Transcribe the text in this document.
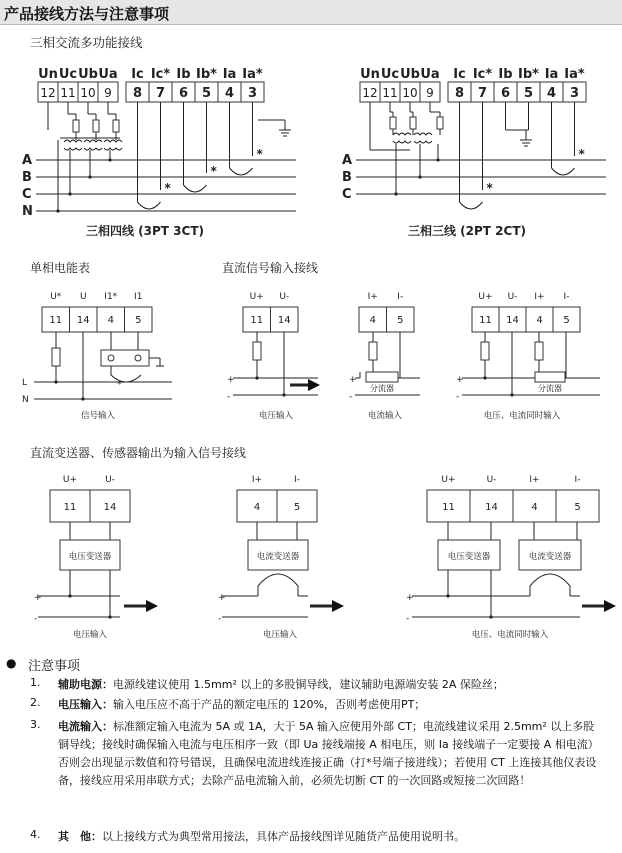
产品接线方法与注意事项
三相交流多功能接线
Un Uc Ub Ua Ic Ic* Ib Ib* Ia Ia*
12 11 10 9 8 7 6 5 4 3
A
B
C
N
*
*
*
三相四线 (3PT 3CT)
Un Uc Ub Ua Ic Ic* Ib Ib* Ia Ia*
12 11 10 9 8 7 6 5 4 3
A
B
C	*
*
三相三线 (2PT 2CT)
单相电能表	直流信号输入接线
U* U I1* I1
11 14 4 5
L
N
*
信号输入
U+ U-
11 14
+
-
电压输入
I+ I-
4 5
分流器
+
-
电流输入
U+ U- I+ I-
11 14 4 5
分流器
+
-
电压、电流同时输入
直流变送器、传感器输出为输入信号接线
U+	U-
11	14
电压变送器
+
-
电压输入
I+	I-
4	5
电流变送器
+
-
电压输入
U+	U-	I+	I-
11	14	4	5
电压变送器	电流变送器
+
-
电压、电流同时输入
● 注意事项
1. 辅助电源：电源线建议使用 1.5mm² 以上的多股铜导线，建议辅助电源端安装 2A 保险丝；
2. 电压输入：输入电压应不高于产品的额定电压的 120%，否则考虑使用PT；
3. 电流输入：标准额定输入电流为 5A 或 1A，大于 5A 输入应使用外部 CT；电流线建议采用 2.5mm² 以上多股铜导线；接线时确保输入电流与电压相序一致（即 Ua 接线端接 A 相电压，则 Ia 接线端子一定要接 A 相电流）否则会出现显示数值和符号错误，且确保电流进线连接正确（打*号端子接进线）；若使用 CT 上连接其他仪表设备，接线应用采用串联方式；去除产品电流输入前，必须先切断 CT 的一次回路或短接二次回路！
4. 其　他：以上接线方式为典型常用接法，具体产品接线图详见随货产品使用说明书。
